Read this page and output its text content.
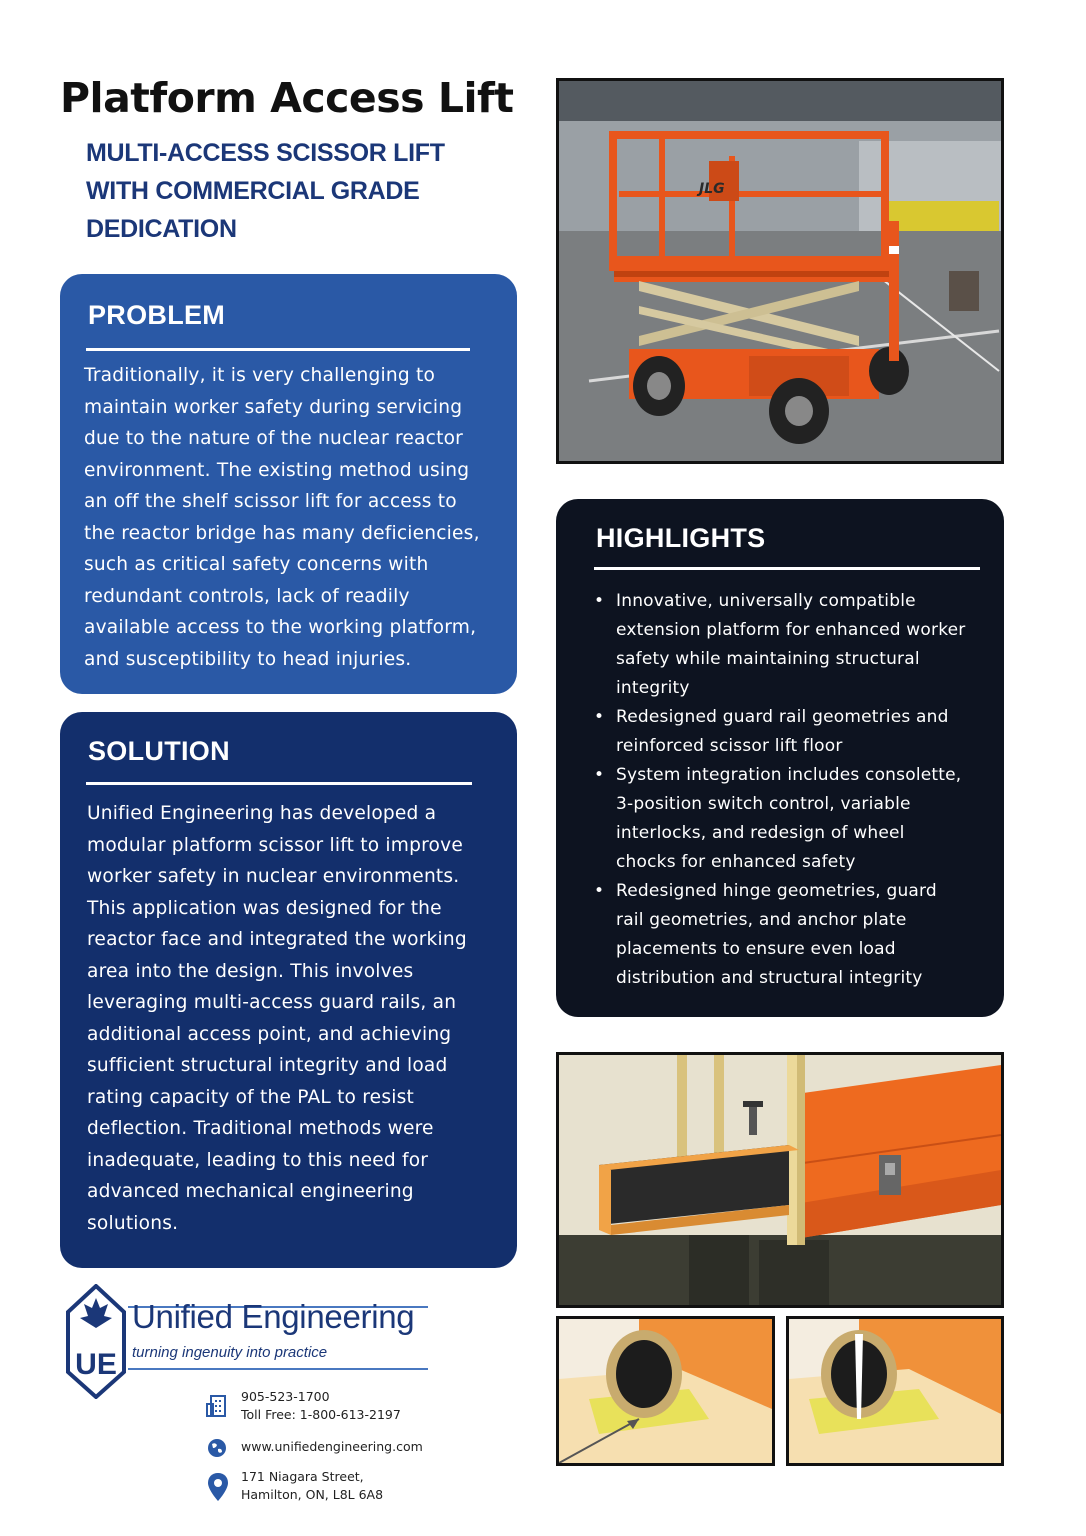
Platform Access Lift
MULTI-ACCESS SCISSOR LIFT
WITH COMMERCIAL GRADE
DEDICATION
PROBLEM
Traditionally, it is very challenging to
maintain worker safety during servicing
due to the nature of the nuclear reactor
environment. The existing method using
an off the shelf scissor lift for access to
the reactor bridge has many deficiencies,
such as critical safety concerns with
redundant controls, lack of readily
available access to the working platform,
and susceptibility to head injuries.
SOLUTION
Unified Engineering has developed a
modular platform scissor lift to improve
worker safety in nuclear environments.
This application was designed for the
reactor face and integrated the working
area into the design. This involves
leveraging multi-access guard rails, an
additional access point, and achieving
sufficient structural integrity and load
rating capacity of the PAL to resist
deflection. Traditional methods were
inadequate, leading to this need for
advanced mechanical engineering
solutions.
JLG
HIGHLIGHTS
• Innovative, universally compatible
extension platform for enhanced worker
safety while maintaining structural
integrity
• Redesigned guard rail geometries and
reinforced scissor lift floor
• System integration includes consolette,
3-position switch control, variable
interlocks, and redesign of wheel
chocks for enhanced safety
• Redesigned hinge geometries, guard
rail geometries, and anchor plate
placements to ensure even load
distribution and structural integrity
UE
Unified Engineering
turning ingenuity into practice
905-523-1700
Toll Free: 1-800-613-2197
www.unifiedengineering.com
171 Niagara Street,
Hamilton, ON, L8L 6A8
